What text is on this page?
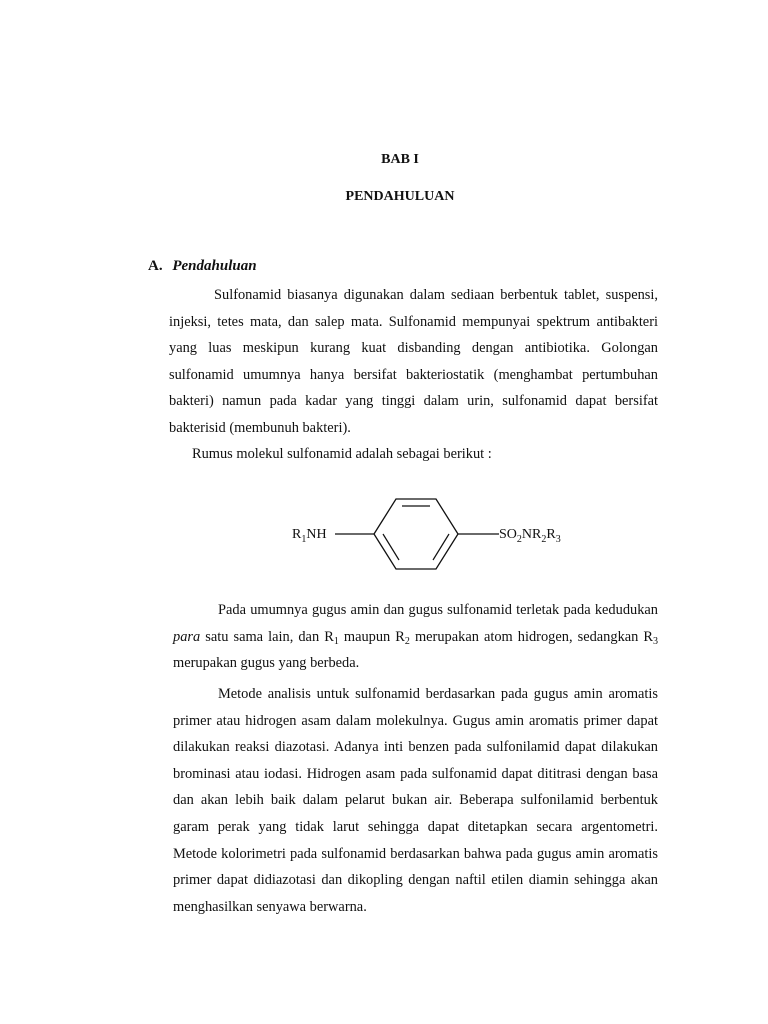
BAB I
PENDAHULUAN
A. Pendahuluan

Sulfonamid biasanya digunakan dalam sediaan berbentuk tablet, suspensi, injeksi, tetes mata, dan salep mata. Sulfonamid mempunyai spektrum antibakteri yang luas meskipun kurang kuat disbanding dengan antibiotika. Golongan sulfonamid umumnya hanya bersifat bakteriostatik (menghambat pertumbuhan bakteri) namun pada kadar yang tinggi dalam urin, sulfonamid dapat bersifat bakterisid (membunuh bakteri).

Rumus molekul sulfonamid adalah sebagai berikut :

$R_1NH$	$SO_2NR_2R_3$

Pada umumnya gugus amin dan gugus sulfonamid terletak pada kedudukan para satu sama lain, dan $R_1$ maupun $R_2$ merupakan atom hidrogen, sedangkan $R_3$ merupakan gugus yang berbeda.

Metode analisis untuk sulfonamid berdasarkan pada gugus amin aromatis primer atau hidrogen asam dalam molekulnya. Gugus amin aromatis primer dapat dilakukan reaksi diazotasi. Adanya inti benzen pada sulfonilamid dapat dilakukan brominasi atau iodasi. Hidrogen asam pada sulfonamid dapat dititrasi dengan basa dan akan lebih baik dalam pelarut bukan air. Beberapa sulfonilamid berbentuk garam perak yang tidak larut sehingga dapat ditetapkan secara argentometri. Metode kolorimetri pada sulfonamid berdasarkan bahwa pada gugus amin aromatis primer dapat didiazotasi dan dikopling dengan naftil etilen diamin sehingga akan menghasilkan senyawa berwarna.
